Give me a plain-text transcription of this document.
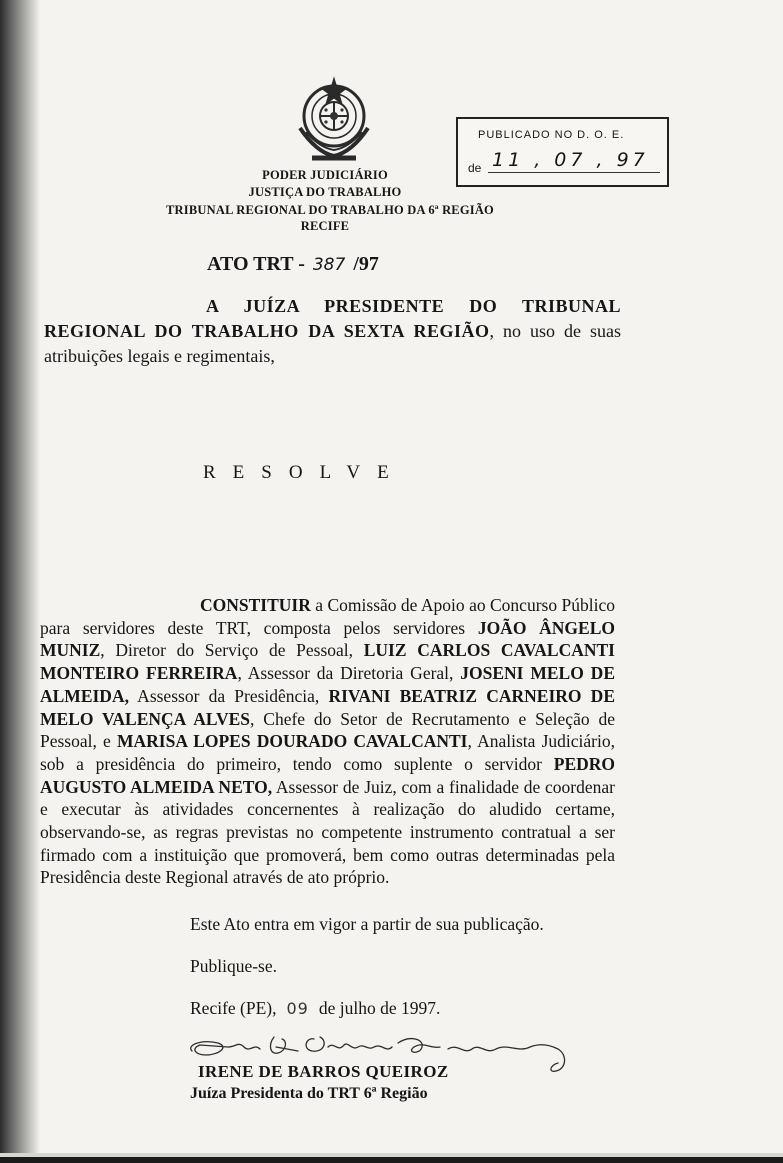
PODER JUDICIÁRIO
JUSTIÇA DO TRABALHO
TRIBUNAL REGIONAL DO TRABALHO DA 6ª REGIÃO
RECIFE
PUBLICADO NO D. O. E.
de 11 , 07 , 97
ATO TRT - 387 /97
A JUÍZA PRESIDENTE DO TRIBUNAL REGIONAL DO TRABALHO DA SEXTA REGIÃO, no uso de suas atribuições legais e regimentais,
RESOLVE
CONSTITUIR a Comissão de Apoio ao Concurso Público para servidores deste TRT, composta pelos servidores JOÃO ÂNGELO MUNIZ, Diretor do Serviço de Pessoal, LUIZ CARLOS CAVALCANTI MONTEIRO FERREIRA, Assessor da Diretoria Geral, JOSENI MELO DE ALMEIDA, Assessor da Presidência, RIVANI BEATRIZ CARNEIRO DE MELO VALENÇA ALVES, Chefe do Setor de Recrutamento e Seleção de Pessoal, e MARISA LOPES DOURADO CAVALCANTI, Analista Judiciário, sob a presidência do primeiro, tendo como suplente o servidor PEDRO AUGUSTO ALMEIDA NETO, Assessor de Juiz, com a finalidade de coordenar e executar às atividades concernentes à realização do aludido certame, observando-se, as regras previstas no competente instrumento contratual a ser firmado com a instituição que promoverá, bem como outras determinadas pela Presidência deste Regional através de ato próprio.
Este Ato entra em vigor a partir de sua publicação.
Publique-se.
Recife (PE), 09 de julho de 1997.
IRENE DE BARROS QUEIROZ
Juíza Presidenta do TRT 6ª Região
